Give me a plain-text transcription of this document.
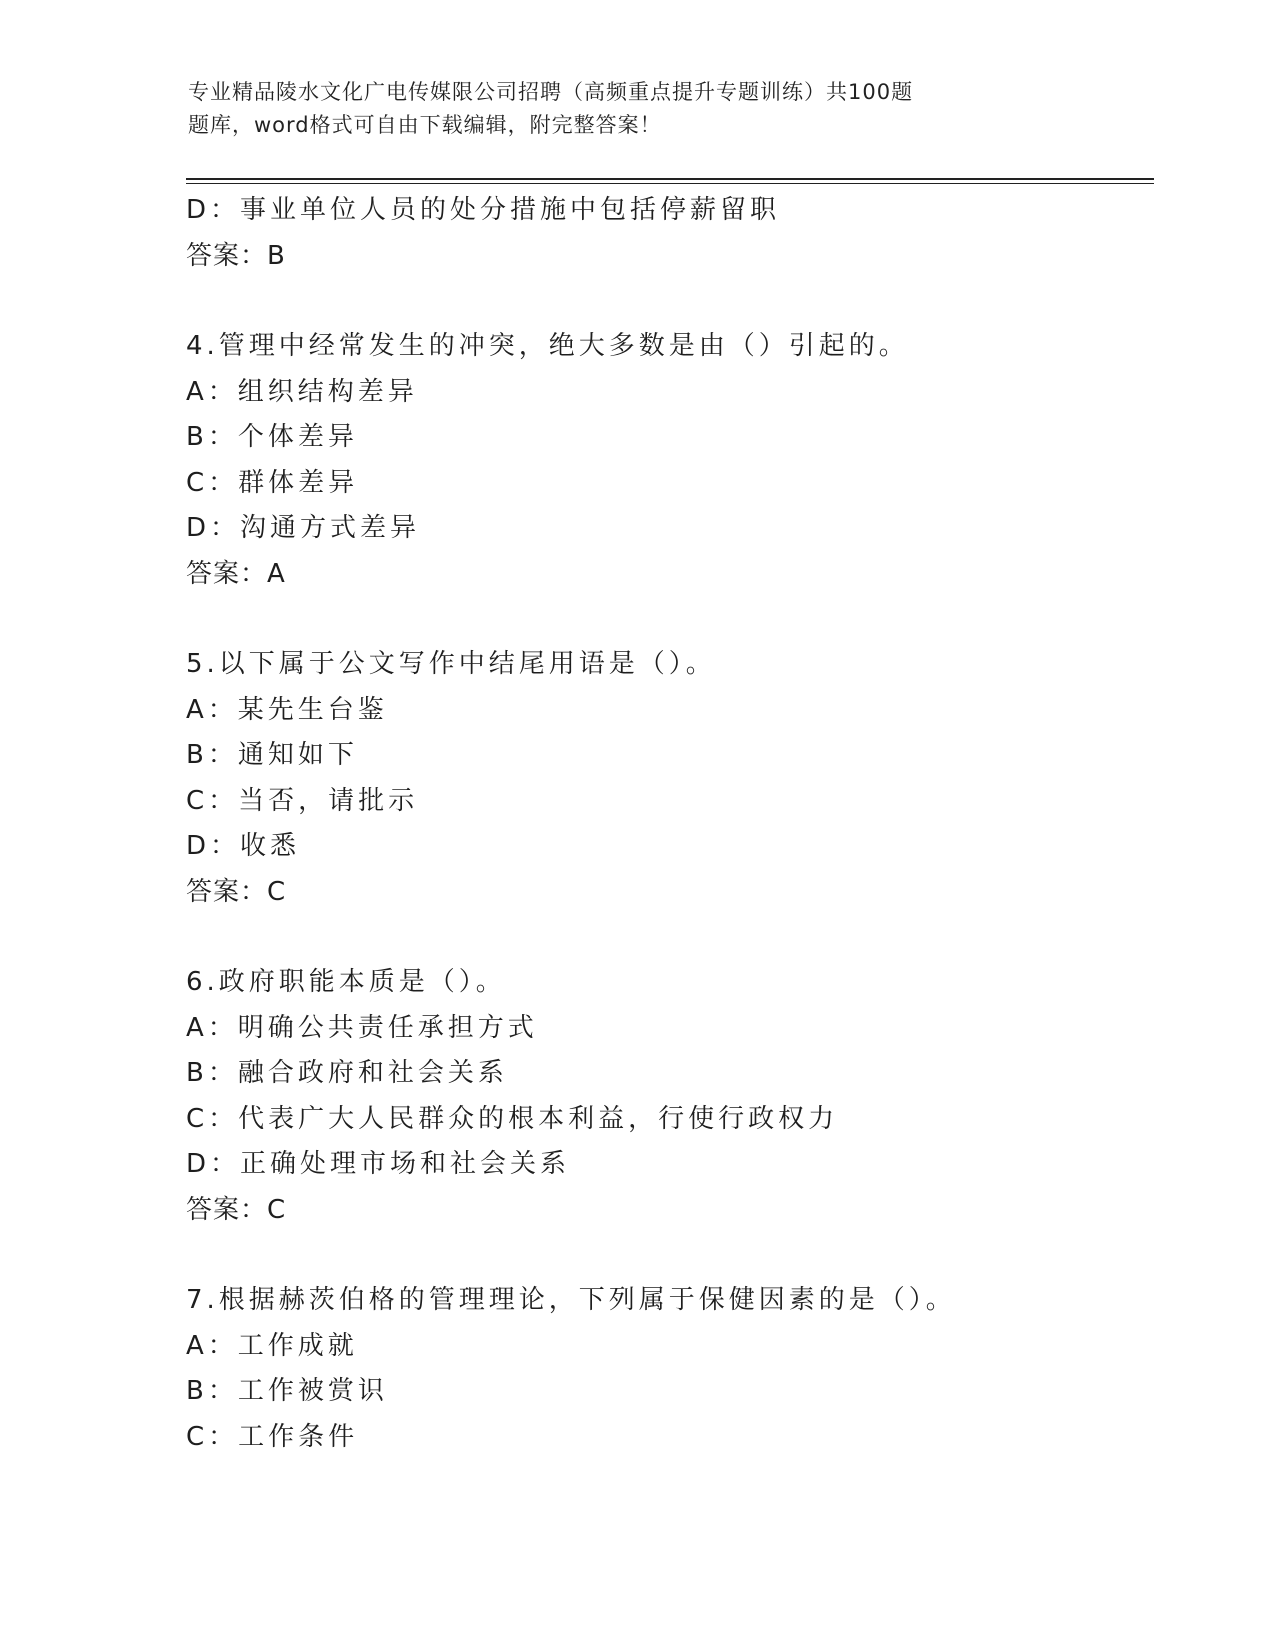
专业精品陵水文化广电传媒限公司招聘（高频重点提升专题训练）共100题
题库，word格式可自由下载编辑，附完整答案！
D：事业单位人员的处分措施中包括停薪留职
答案：B
4.管理中经常发生的冲突，绝大多数是由（）引起的。
A：组织结构差异
B：个体差异
C：群体差异
D：沟通方式差异
答案：A
5.以下属于公文写作中结尾用语是（）。
A：某先生台鉴
B：通知如下
C：当否，请批示
D：收悉
答案：C
6.政府职能本质是（）。
A：明确公共责任承担方式
B：融合政府和社会关系
C：代表广大人民群众的根本利益，行使行政权力
D：正确处理市场和社会关系
答案：C
7.根据赫茨伯格的管理理论，下列属于保健因素的是（）。
A：工作成就
B：工作被赏识
C：工作条件
